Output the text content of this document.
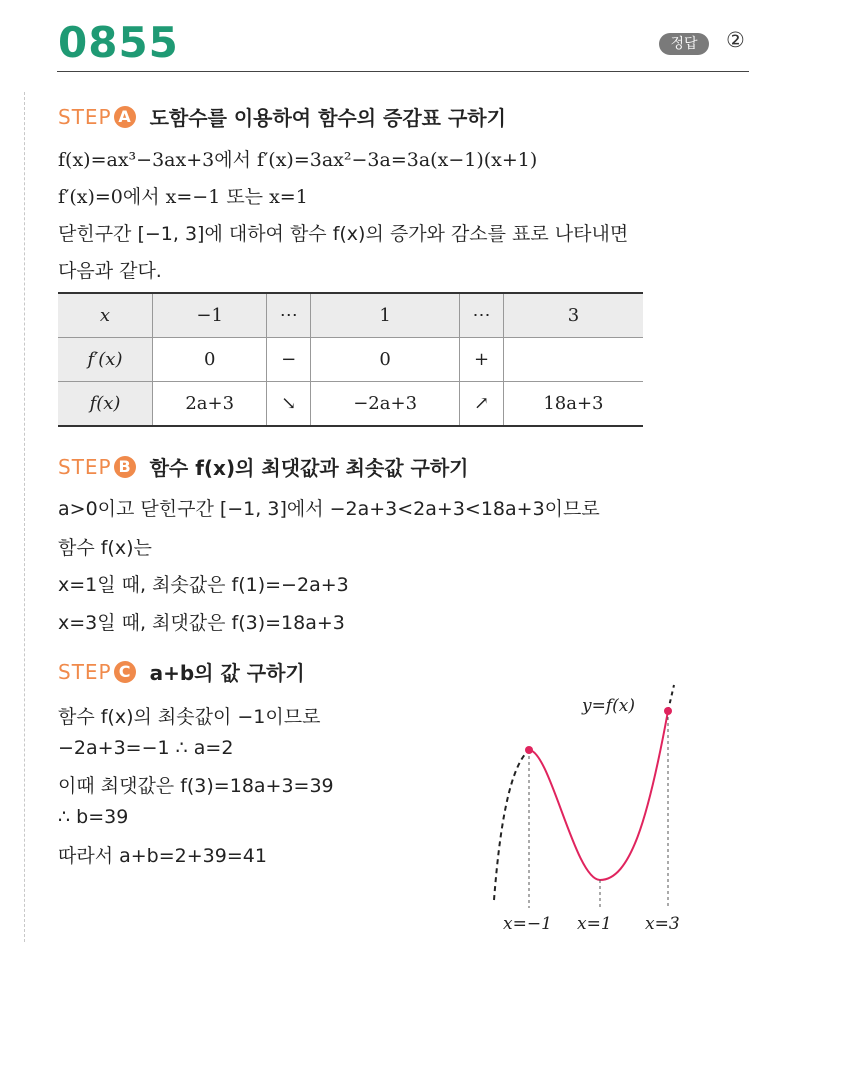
0855	정답	②
STEP A 도함수를 이용하여 함수의 증감표 구하기
f(x)=ax³−3ax+3에서 f′(x)=3ax²−3a=3a(x−1)(x+1)
f′(x)=0에서 x=−1 또는 x=1
닫힌구간 [−1, 3]에 대하여 함수 f(x)의 증가와 감소를 표로 나타내면
다음과 같다.
x	−1	⋯	1	⋯	3
f′(x)	0	−	0	+	
f(x)	2a+3	↘	−2a+3	↗	18a+3
STEP B 함수 f(x)의 최댓값과 최솟값 구하기
a>0이고 닫힌구간 [−1, 3]에서 −2a+3<2a+3<18a+3이므로
함수 f(x)는
x=1일 때, 최솟값은 f(1)=−2a+3
x=3일 때, 최댓값은 f(3)=18a+3
STEP C a+b의 값 구하기
함수 f(x)의 최솟값이 −1이므로
−2a+3=−1 ∴ a=2
이때 최댓값은 f(3)=18a+3=39
∴ b=39
따라서 a+b=2+39=41
y=f(x)
x=−1 x=1 x=3
